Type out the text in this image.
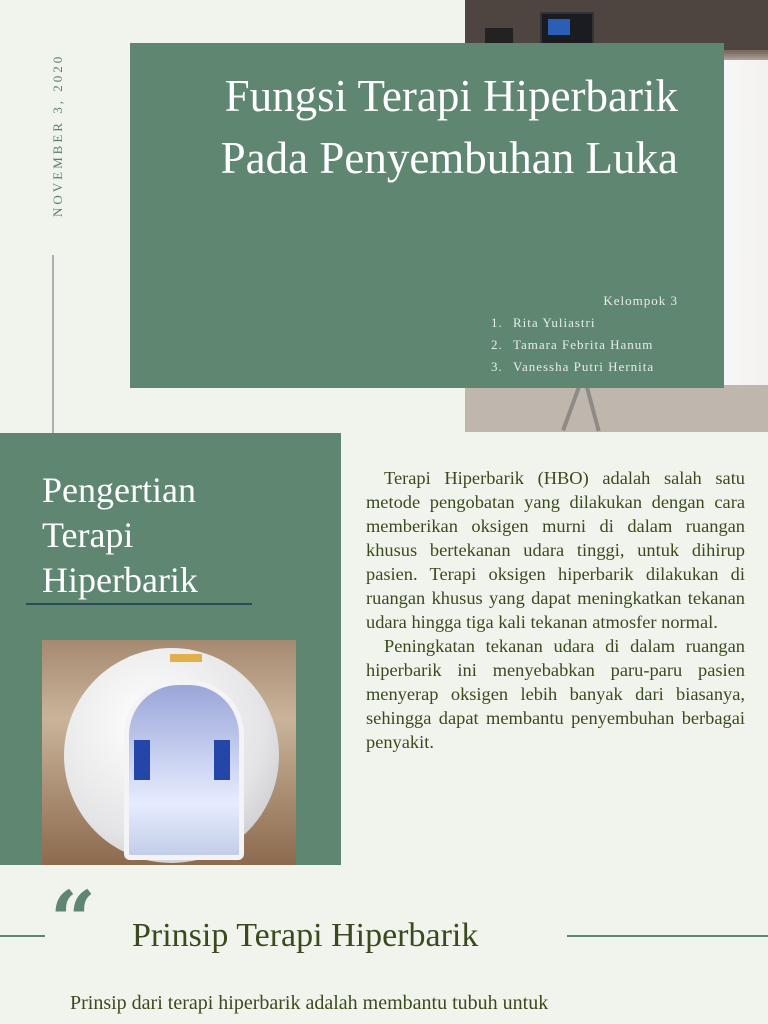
NOVEMBER 3, 2020	Fungsi Terapi Hiperbarik Pada Penyembuhan Luka
Kelompok 3
1. Rita Yuliastri
2. Tamara Febrita Hanum
3. Vanessha Putri Hernita
Pengertian
Terapi
Hiperbarik

Terapi Hiperbarik (HBO) adalah salah satu metode pengobatan yang dilakukan dengan cara memberikan oksigen murni di dalam ruangan khusus bertekanan udara tinggi, untuk dihirup pasien. Terapi oksigen hiperbarik dilakukan di ruangan khusus yang dapat meningkatkan tekanan udara hingga tiga kali tekanan atmosfer normal.

Peningkatan tekanan udara di dalam ruangan hiperbarik ini menyebabkan paru-paru pasien menyerap oksigen lebih banyak dari biasanya, sehingga dapat membantu penyembuhan berbagai penyakit.

“ Prinsip Terapi Hiperbarik
Prinsip dari terapi hiperbarik adalah membantu tubuh untuk
